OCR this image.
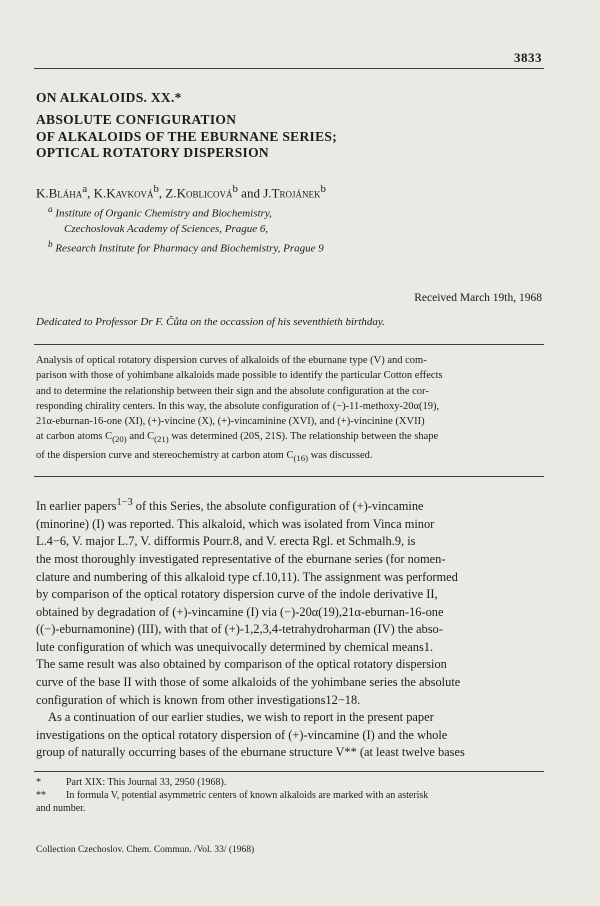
3833
ON ALKALOIDS. XX.*
ABSOLUTE CONFIGURATION
OF ALKALOIDS OF THE EBURNANE SERIES;
OPTICAL ROTATORY DISPERSION
K.Bláha$^a$, K.Kavková$^b$, Z.Koblicová$^b$ and J.Trojánek$^b$
$^a$ Institute of Organic Chemistry and Biochemistry,
Czechoslovak Academy of Sciences, Prague 6,
$^b$ Research Institute for Pharmacy and Biochemistry, Prague 9
Received March 19th, 1968
Dedicated to Professor Dr F. Čůta on the occassion of his seventhieth birthday.
Analysis of optical rotatory dispersion curves of alkaloids of the eburnane type (V) and com-
parison with those of yohimbane alkaloids made possible to identify the particular Cotton effects
and to determine the relationship between their sign and the absolute configuration at the cor-
responding chirality centers. In this way, the absolute configuration of (−)-11-methoxy-20α(19),
21α-eburnan-16-one (XI), (+)-vincine (X), (+)-vincaminine (XVI), and (+)-vincinine (XVII)
at carbon atoms $C_{(20)}$ and $C_{(21)}$ was determined (20S, 21S). The relationship between the shape
of the dispersion curve and stereochemistry at carbon atom $C_{(16)}$ was discussed.
In earlier papers$^{1-3}$ of this Series, the absolute configuration of (+)-vincamine
(minorine) (I) was reported. This alkaloid, which was isolated from Vinca minor
L.4−6, V. major L.7, V. difformis Pourr.8, and V. erecta Rgl. et Schmalh.9, is
the most thoroughly investigated representative of the eburnane series (for nomen-
clature and numbering of this alkaloid type cf.10,11). The assignment was performed
by comparison of the optical rotatory dispersion curve of the indole derivative II,
obtained by degradation of (+)-vincamine (I) via (−)-20α(19),21α-eburnan-16-one
((−)-eburnamonine) (III), with that of (+)-1,2,3,4-tetrahydroharman (IV) the abso-
lute configuration of which was unequivocally determined by chemical means1.
The same result was also obtained by comparison of the optical rotatory dispersion
curve of the base II with those of some alkaloids of the yohimbane series the absolute
configuration of which is known from other investigations12−18.
As a continuation of our earlier studies, we wish to report in the present paper
investigations on the optical rotatory dispersion of (+)-vincamine (I) and the whole
group of naturally occurring bases of the eburnane structure V** (at least twelve bases
*	Part XIX: This Journal 33, 2950 (1968).
** In formula V, potential asymmetric centers of known alkaloids are marked with an asterisk
and number.
Collection Czechoslov. Chem. Commun. /Vol. 33/ (1968)
